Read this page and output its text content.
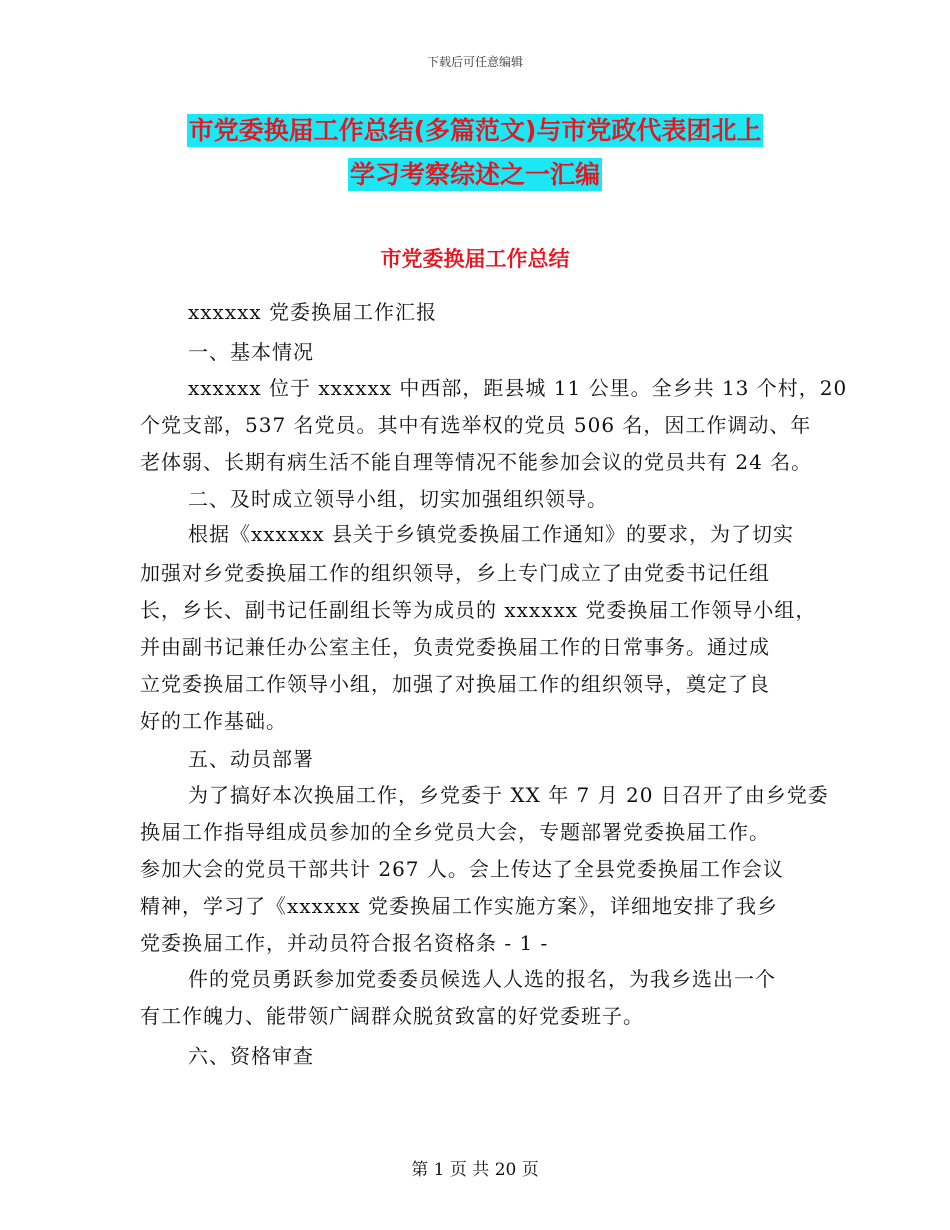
下载后可任意编辑
市党委换届工作总结(多篇范文)与市党政代表团北上
学习考察综述之一汇编
市党委换届工作总结
xxxxxx 党委换届工作汇报
一、基本情况
xxxxxx 位于 xxxxxx 中西部，距县城 11 公里。全乡共 13 个村，20
个党支部，537 名党员。其中有选举权的党员 506 名，因工作调动、年
老体弱、长期有病生活不能自理等情况不能参加会议的党员共有 24 名。
二、及时成立领导小组，切实加强组织领导。
根据《xxxxxx 县关于乡镇党委换届工作通知》的要求，为了切实
加强对乡党委换届工作的组织领导，乡上专门成立了由党委书记任组
长，乡长、副书记任副组长等为成员的 xxxxxx 党委换届工作领导小组，
并由副书记兼任办公室主任，负责党委换届工作的日常事务。通过成
立党委换届工作领导小组，加强了对换届工作的组织领导，奠定了良
好的工作基础。
五、动员部署
为了搞好本次换届工作，乡党委于 XX 年 7 月 20 日召开了由乡党委
换届工作指导组成员参加的全乡党员大会，专题部署党委换届工作。
参加大会的党员干部共计 267 人。会上传达了全县党委换届工作会议
精神，学习了《xxxxxx 党委换届工作实施方案》，详细地安排了我乡
党委换届工作，并动员符合报名资格条 - 1 -
件的党员勇跃参加党委委员候选人人选的报名，为我乡选出一个
有工作魄力、能带领广阔群众脱贫致富的好党委班子。
六、资格审查
第 1 页 共 20 页
